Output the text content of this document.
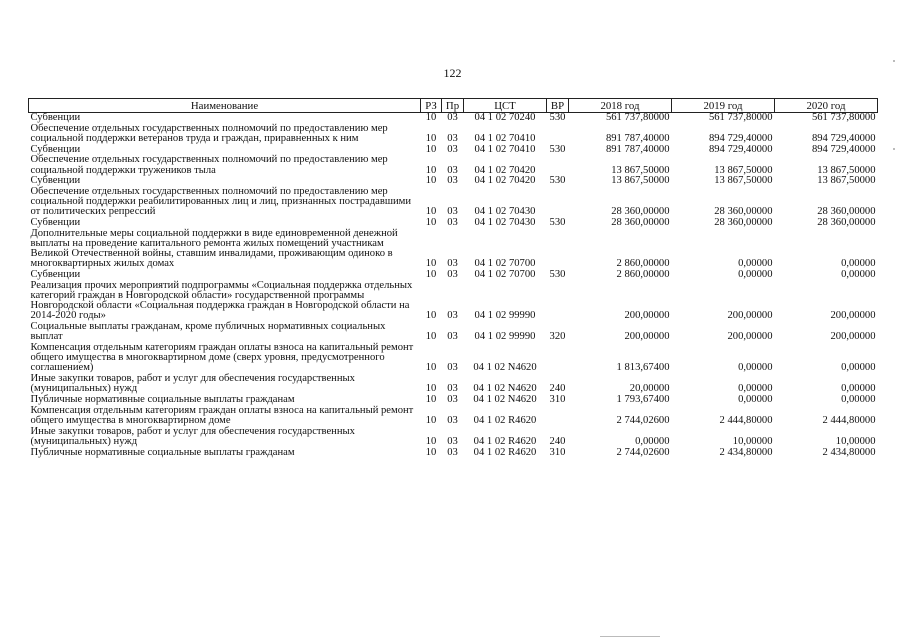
122
Наименование	РЗ	Пр	ЦСТ	ВР	2018 год	2019 год	2020 год
Субвенции	10	03	04 1 02 70240	530	561 737,80000	561 737,80000	561 737,80000
Обеспечение отдельных государственных полномочий по предоставлению мер социальной поддержки ветеранов труда и граждан, приравненных к ним	10	03	04 1 02 70410		891 787,40000	894 729,40000	894 729,40000
Субвенции	10	03	04 1 02 70410	530	891 787,40000	894 729,40000	894 729,40000
Обеспечение отдельных государственных полномочий по предоставлению мер социальной поддержки тружеников тыла	10	03	04 1 02 70420		13 867,50000	13 867,50000	13 867,50000
Субвенции	10	03	04 1 02 70420	530	13 867,50000	13 867,50000	13 867,50000
Обеспечение отдельных государственных полномочий по предоставлению мер социальной поддержки реабилитированных лиц и лиц, признанных пострадавшими от политических репрессий	10	03	04 1 02 70430		28 360,00000	28 360,00000	28 360,00000
Субвенции	10	03	04 1 02 70430	530	28 360,00000	28 360,00000	28 360,00000
Дополнительные меры социальной поддержки в виде единовременной денежной выплаты на проведение капитального ремонта жилых помещений участникам Великой Отечественной войны, ставшим инвалидами, проживающим одиноко в многоквартирных жилых домах	10	03	04 1 02 70700		2 860,00000	0,00000	0,00000
Субвенции	10	03	04 1 02 70700	530	2 860,00000	0,00000	0,00000
Реализация прочих мероприятий подпрограммы «Социальная поддержка отдельных категорий граждан в Новгородской области» государственной программы Новгородской области «Социальная поддержка граждан в Новгородской области на 2014-2020 годы»	10	03	04 1 02 99990		200,00000	200,00000	200,00000
Социальные выплаты гражданам, кроме публичных нормативных социальных выплат	10	03	04 1 02 99990	320	200,00000	200,00000	200,00000
Компенсация отдельным категориям граждан оплаты взноса на капитальный ремонт общего имущества в многоквартирном доме (сверх уровня, предусмотренного соглашением)	10	03	04 1 02 N4620		1 813,67400	0,00000	0,00000
Иные закупки товаров, работ и услуг для обеспечения государственных (муниципальных) нужд	10	03	04 1 02 N4620	240	20,00000	0,00000	0,00000
Публичные нормативные социальные выплаты гражданам	10	03	04 1 02 N4620	310	1 793,67400	0,00000	0,00000
Компенсация отдельным категориям граждан оплаты взноса на капитальный ремонт общего имущества в многоквартирном доме	10	03	04 1 02 R4620		2 744,02600	2 444,80000	2 444,80000
Иные закупки товаров, работ и услуг для обеспечения государственных (муниципальных) нужд	10	03	04 1 02 R4620	240	0,00000	10,00000	10,00000
Публичные нормативные социальные выплаты гражданам	10	03	04 1 02 R4620	310	2 744,02600	2 434,80000	2 434,80000
